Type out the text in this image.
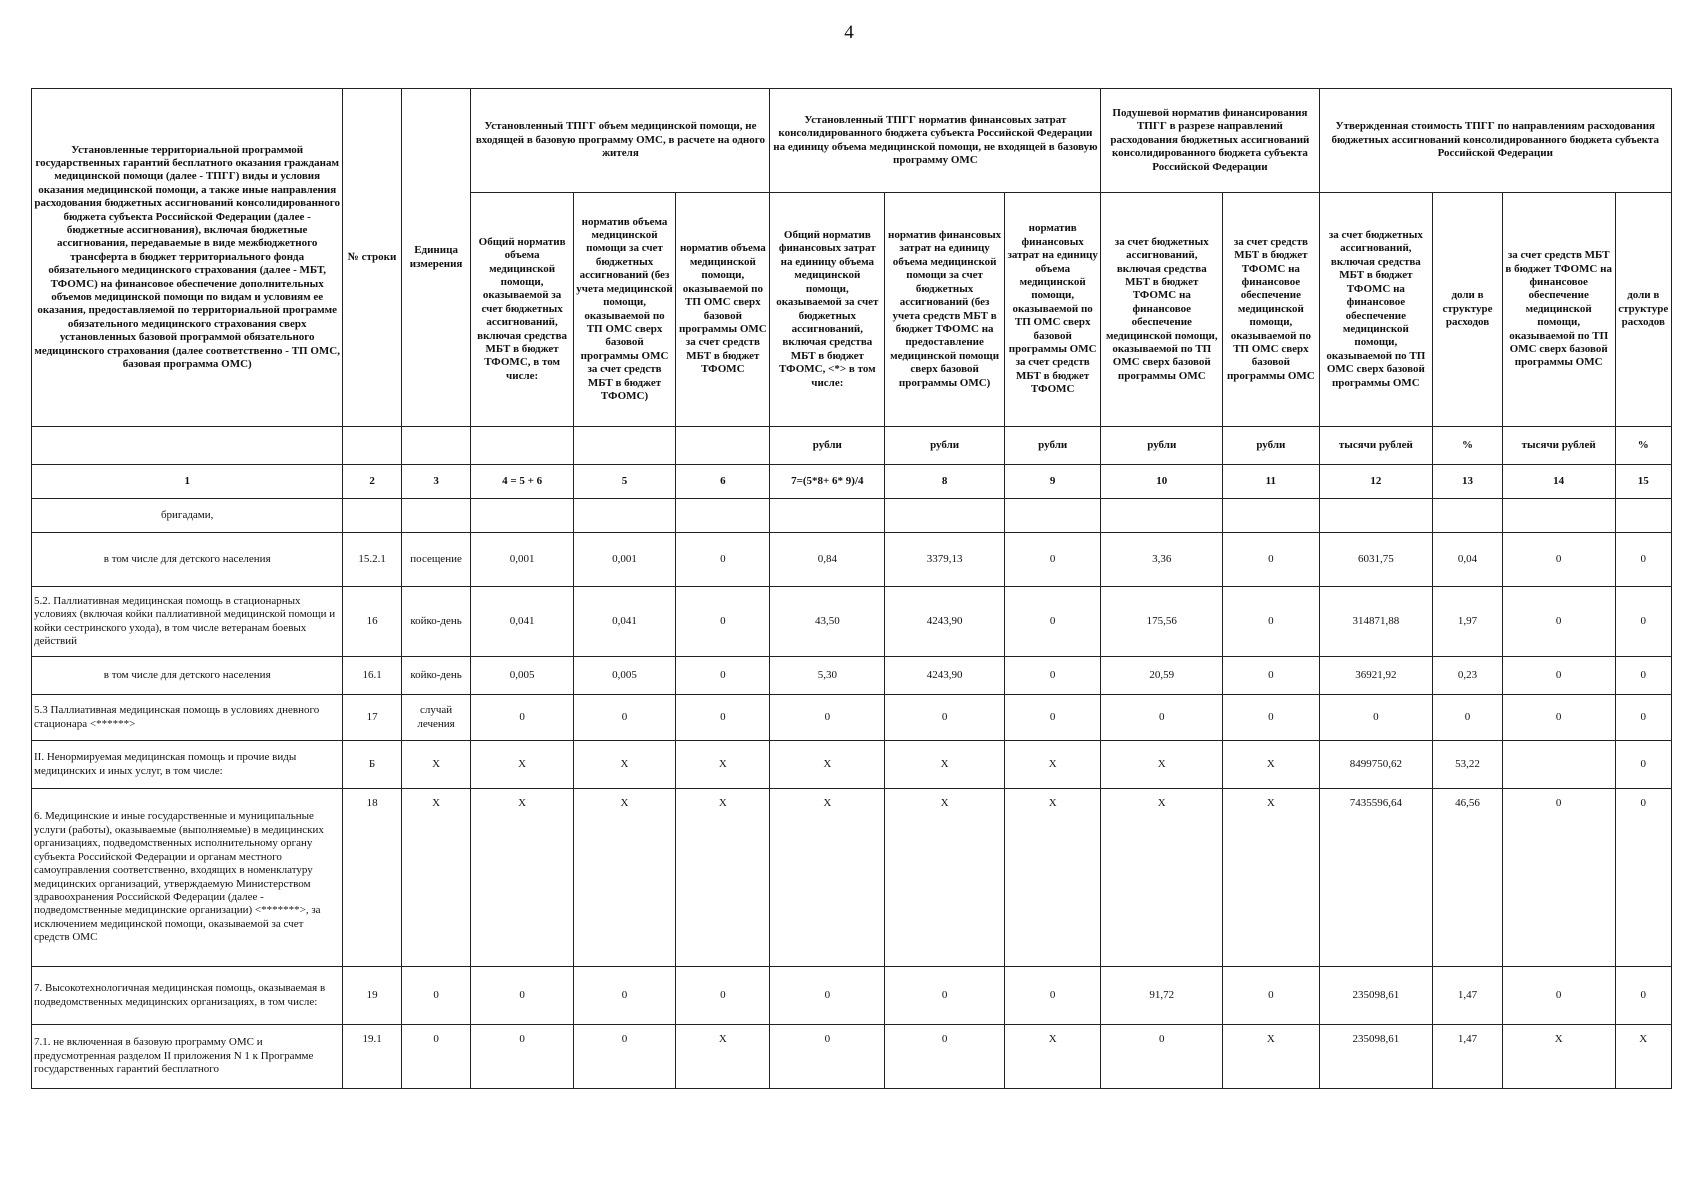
4
Установленные территориальной программой государственных гарантий бесплатного оказания гражданам медицинской помощи (далее - ТПГГ) виды и условия оказания медицинской помощи, а также иные направления расходования бюджетных ассигнований консолидированного бюджета субъекта Российской Федерации (далее - бюджетные ассигнования), включая бюджетные ассигнования, передаваемые в виде межбюджетного трансферта в бюджет территориального фонда обязательного медицинского страхования (далее - МБТ, ТФОМС) на финансовое обеспечение дополнительных объемов медицинской помощи по видам и условиям ее оказания, предоставляемой по территориальной программе обязательного медицинского страхования сверх установленных базовой программой обязательного медицинского страхования (далее соответственно - ТП ОМС, базовая программа ОМС)	№ строки	Единица измерения	Установленный ТПГГ объем медицинской помощи, не входящей в базовую программу ОМС, в расчете на одного жителя			Установленный ТПГГ норматив финансовых затрат консолидированного бюджета субъекта Российской Федерации на единицу объема медицинской помощи, не входящей в базовую программу ОМС			Подушевой норматив финансирования ТПГГ в разрезе направлений расходования бюджетных ассигнований консолидированного бюджета субъекта Российской Федерации		Утвержденная стоимость ТПГГ по направлениям расходования бюджетных ассигнований консолидированного бюджета субъекта Российской Федерации			
			Общий норматив объема медицинской помощи, оказываемой за счет бюджетных ассигнований, включая средства МБТ в бюджет ТФОМС, в том числе:	норматив объема медицинской помощи за счет бюджетных ассигнований (без учета медицинской помощи, оказываемой по ТП ОМС сверх базовой программы ОМС за счет средств МБТ в бюджет ТФОМС)	норматив объема медицинской помощи, оказываемой по ТП ОМС сверх базовой программы ОМС за счет средств МБТ в бюджет ТФОМС	Общий норматив финансовых затрат на единицу объема медицинской помощи, оказываемой за счет бюджетных ассигнований, включая средства МБТ в бюджет ТФОМС, <*> в том числе:	норматив финансовых затрат на единицу объема медицинской помощи за счет бюджетных ассигнований (без учета средств МБТ в бюджет ТФОМС на предоставление медицинской помощи сверх базовой программы ОМС)	норматив финансовых затрат на единицу объема медицинской помощи, оказываемой по ТП ОМС сверх базовой программы ОМС за счет средств МБТ в бюджет ТФОМС	за счет бюджетных ассигнований, включая средства МБТ в бюджет ТФОМС на финансовое обеспечение медицинской помощи, оказываемой по ТП ОМС сверх базовой программы ОМС	за счет средств МБТ в бюджет ТФОМС на финансовое обеспечение медицинской помощи, оказываемой по ТП ОМС сверх базовой программы ОМС	за счет бюджетных ассигнований, включая средства МБТ в бюджет ТФОМС на финансовое обеспечение медицинской помощи, оказываемой по ТП ОМС сверх базовой программы ОМС	доли в структуре расходов	за счет средств МБТ в бюджет ТФОМС на финансовое обеспечение медицинской помощи, оказываемой по ТП ОМС сверх базовой программы ОМС	доли в структуре расходов
						рубли	рубли	рубли	рубли	рубли	тысячи рублей	%	тысячи рублей	%
1	2	3	4 = 5 + 6	5	6	7=(5*8+ 6* 9)/4	8	9	10	11	12	13	14	15
бригадами,														
в том числе для детского населения	15.2.1	посещение	0,001	0,001	0	0,84	3379,13	0	3,36	0	6031,75	0,04	0	0
5.2. Паллиативная медицинская помощь в стационарных условиях (включая койки паллиативной медицинской помощи и койки сестринского ухода), в том числе ветеранам боевых действий	16	койко-день	0,041	0,041	0	43,50	4243,90	0	175,56	0	314871,88	1,97	0	0
в том числе для детского населения	16.1	койко-день	0,005	0,005	0	5,30	4243,90	0	20,59	0	36921,92	0,23	0	0
5.3 Паллиативная медицинская помощь в условиях дневного стационара <******>	17	случай лечения	0	0	0	0	0	0	0	0	0	0	0	0
II. Ненормируемая медицинская помощь и прочие виды медицинских и иных услуг, в том числе:	Б	X	X	X	X	X	X	X	X	X	8499750,62	53,22		0
6. Медицинские и иные государственные и муниципальные услуги (работы), оказываемые (выполняемые) в медицинских организациях, подведомственных исполнительному органу субъекта Российской Федерации и органам местного самоуправления соответственно, входящих в номенклатуру медицинских организаций, утверждаемую Министерством здравоохранения Российской Федерации (далее - подведомственные медицинские организации) <*******>, за исключением медицинской помощи, оказываемой за счет средств ОМС	18	X	X	X	X	X	X	X	X	X	7435596,64	46,56	0	0
7. Высокотехнологичная медицинская помощь, оказываемая в подведомственных медицинских организациях, в том числе:	19	0	0	0	0	0	0	0	91,72	0	235098,61	1,47	0	0
7.1. не включенная в базовую программу ОМС и предусмотренная разделом II приложения N 1 к Программе государственных гарантий бесплатного	19.1	0	0	0	X	0	0	X	0	X	235098,61	1,47	X	X
